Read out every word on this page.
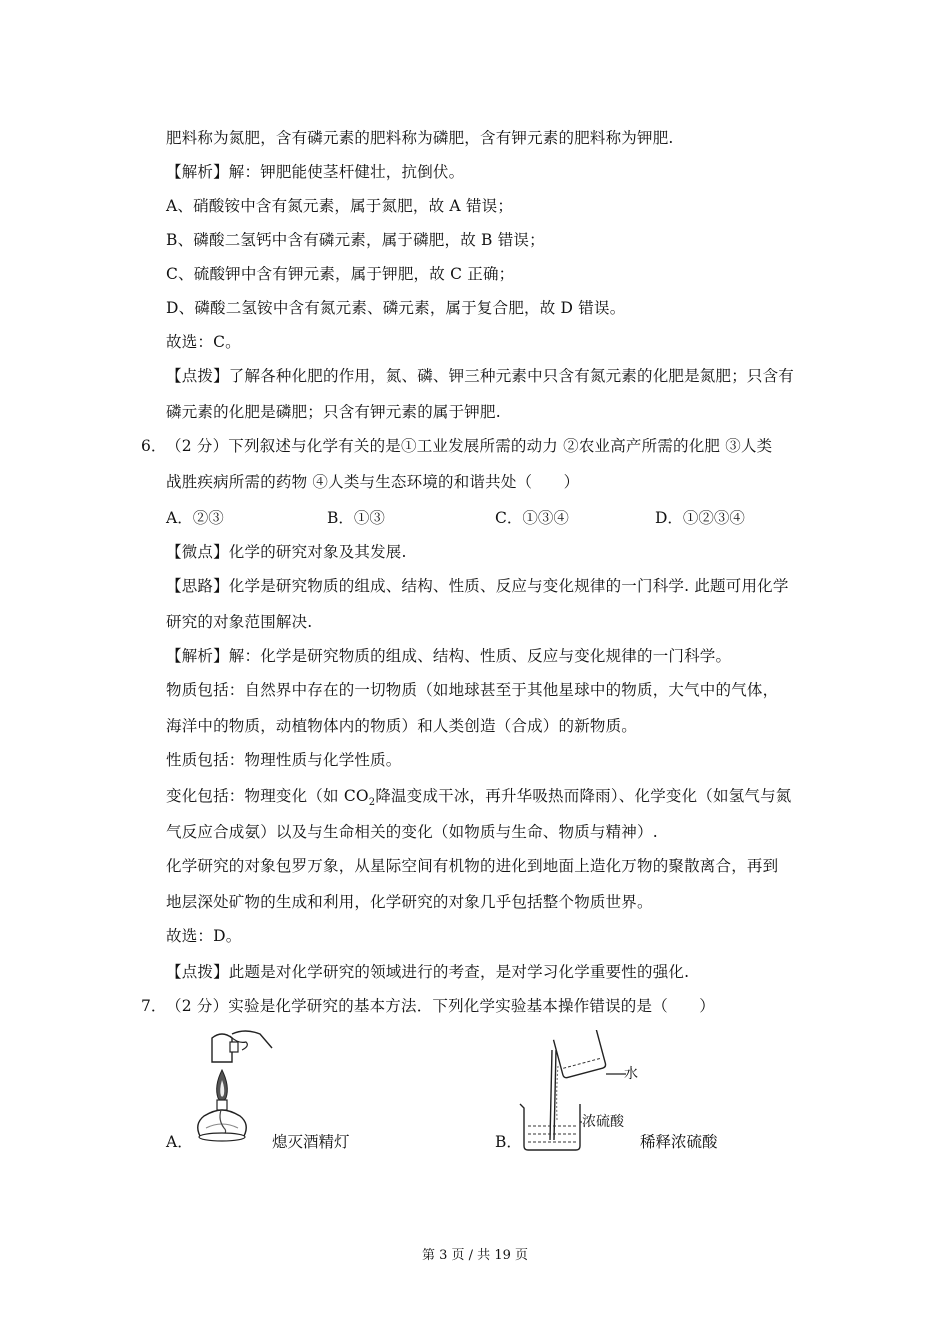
肥料称为氮肥，含有磷元素的肥料称为磷肥，含有钾元素的肥料称为钾肥.
【解析】解：钾肥能使茎杆健壮，抗倒伏。
A、硝酸铵中含有氮元素，属于氮肥，故 A 错误；
B、磷酸二氢钙中含有磷元素，属于磷肥，故 B 错误；
C、硫酸钾中含有钾元素，属于钾肥，故 C 正确；
D、磷酸二氢铵中含有氮元素、磷元素，属于复合肥，故 D 错误。
故选：C。
【点拨】了解各种化肥的作用，氮、磷、钾三种元素中只含有氮元素的化肥是氮肥；只含有
磷元素的化肥是磷肥；只含有钾元素的属于钾肥.
6． （2 分）下列叙述与化学有关的是①工业发展所需的动力 ②农业高产所需的化肥 ③人类
战胜疾病所需的药物 ④人类与生态环境的和谐共处（　　）
A．②③	B．①③	C．①③④	D．①②③④
【微点】化学的研究对象及其发展.
【思路】化学是研究物质的组成、结构、性质、反应与变化规律的一门科学. 此题可用化学
研究的对象范围解决.
【解析】解：化学是研究物质的组成、结构、性质、反应与变化规律的一门科学。
物质包括：自然界中存在的一切物质（如地球甚至于其他星球中的物质，大气中的气体，
海洋中的物质，动植物体内的物质）和人类创造（合成）的新物质。
性质包括：物理性质与化学性质。
变化包括：物理变化（如 $CO_2$降温变成干冰，再升华吸热而降雨）、化学变化（如氢气与氮
气反应合成氨）以及与生命相关的变化（如物质与生命、物质与精神）.
化学研究的对象包罗万象，从星际空间有机物的进化到地面上造化万物的聚散离合，再到
地层深处矿物的生成和利用，化学研究的对象几乎包括整个物质世界。
故选：D。
【点拨】此题是对化学研究的领域进行的考查，是对学习化学重要性的强化.
7． （2 分）实验是化学研究的基本方法．下列化学实验基本操作错误的是（　　）
A．	熄灭酒精灯	B．
水
浓硫酸
稀释浓硫酸
第 3 页 / 共 19 页
